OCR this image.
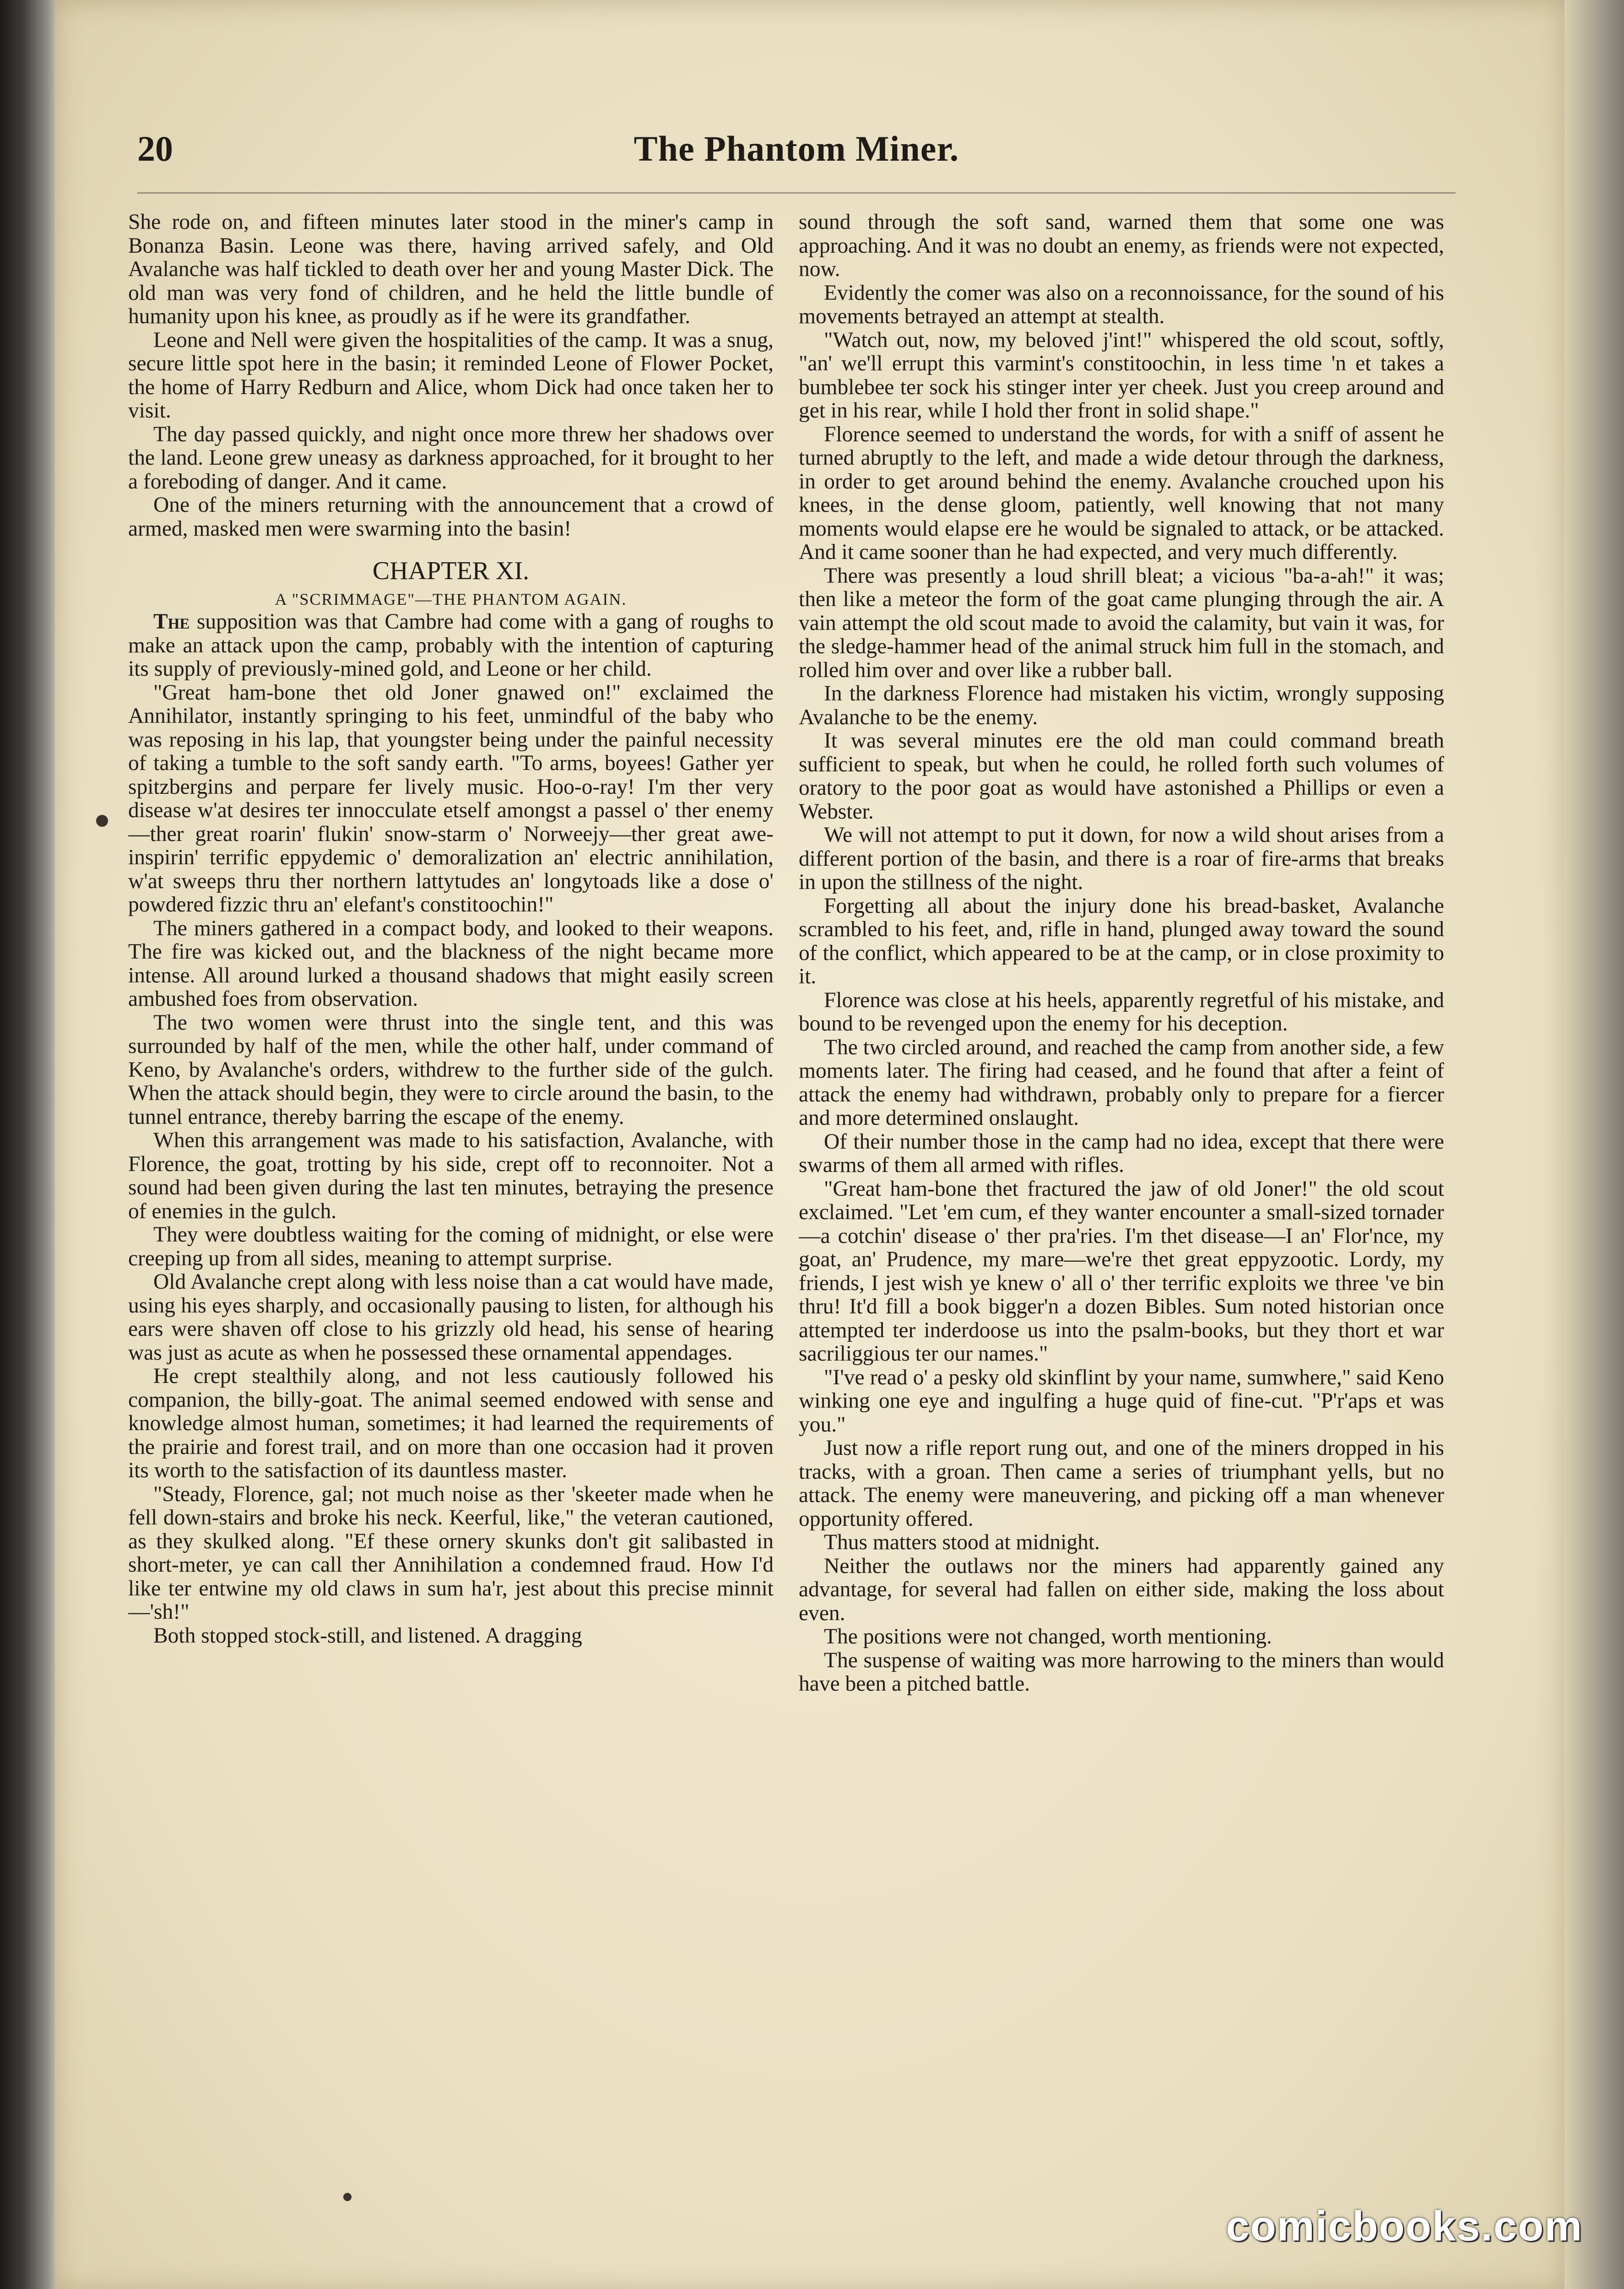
20	The Phantom Miner.

She rode on, and fifteen minutes later stood in the miner's camp in Bonanza Basin. Leone was there, having arrived safely, and Old Avalanche was half tickled to death over her and young Master Dick. The old man was very fond of children, and he held the little bundle of humanity upon his knee, as proudly as if he were its grandfather.

Leone and Nell were given the hospitalities of the camp. It was a snug, secure little spot here in the basin; it reminded Leone of Flower Pocket, the home of Harry Redburn and Alice, whom Dick had once taken her to visit.

The day passed quickly, and night once more threw her shadows over the land. Leone grew uneasy as darkness approached, for it brought to her a foreboding of danger. And it came.

One of the miners returning with the announcement that a crowd of armed, masked men were swarming into the basin!

CHAPTER XI.
A "SCRIMMAGE"—THE PHANTOM AGAIN.

The supposition was that Cambre had come with a gang of roughs to make an attack upon the camp, probably with the intention of capturing its supply of previously-mined gold, and Leone or her child.

"Great ham-bone thet old Joner gnawed on!" exclaimed the Annihilator, instantly springing to his feet, unmindful of the baby who was reposing in his lap, that youngster being under the painful necessity of taking a tumble to the soft sandy earth. "To arms, boyees! Gather yer spitzbergins and perpare fer lively music. Hoo-o-ray! I'm ther very disease w'at desires ter innocculate etself amongst a passel o' ther enemy—ther great roarin' flukin' snow-starm o' Norweejy—ther great awe-inspirin' terrific eppydemic o' demoralization an' electric annihilation, w'at sweeps thru ther northern lattytudes an' longytoads like a dose o' powdered fizzic thru an' elefant's constitoochin!"

The miners gathered in a compact body, and looked to their weapons. The fire was kicked out, and the blackness of the night became more intense. All around lurked a thousand shadows that might easily screen ambushed foes from observation.

The two women were thrust into the single tent, and this was surrounded by half of the men, while the other half, under command of Keno, by Avalanche's orders, withdrew to the further side of the gulch. When the attack should begin, they were to circle around the basin, to the tunnel entrance, thereby barring the escape of the enemy.

When this arrangement was made to his satisfaction, Avalanche, with Florence, the goat, trotting by his side, crept off to reconnoiter. Not a sound had been given during the last ten minutes, betraying the presence of enemies in the gulch.

They were doubtless waiting for the coming of midnight, or else were creeping up from all sides, meaning to attempt surprise.

Old Avalanche crept along with less noise than a cat would have made, using his eyes sharply, and occasionally pausing to listen, for although his ears were shaven off close to his grizzly old head, his sense of hearing was just as acute as when he possessed these ornamental appendages.

He crept stealthily along, and not less cautiously followed his companion, the billy-goat. The animal seemed endowed with sense and knowledge almost human, sometimes; it had learned the requirements of the prairie and forest trail, and on more than one occasion had it proven its worth to the satisfaction of its dauntless master.

"Steady, Florence, gal; not much noise as ther 'skeeter made when he fell down-stairs and broke his neck. Keerful, like," the veteran cautioned, as they skulked along. "Ef these ornery skunks don't git salibasted in short-meter, ye can call ther Annihilation a condemned fraud. How I'd like ter entwine my old claws in sum ha'r, jest about this precise minnit—'sh!"

Both stopped stock-still, and listened. A dragging

sound through the soft sand, warned them that some one was approaching. And it was no doubt an enemy, as friends were not expected, now.

Evidently the comer was also on a reconnoissance, for the sound of his movements betrayed an attempt at stealth.

"Watch out, now, my beloved j'int!" whispered the old scout, softly, "an' we'll errupt this varmint's constitoochin, in less time 'n et takes a bumblebee ter sock his stinger inter yer cheek. Just you creep around and get in his rear, while I hold ther front in solid shape."

Florence seemed to understand the words, for with a sniff of assent he turned abruptly to the left, and made a wide detour through the darkness, in order to get around behind the enemy. Avalanche crouched upon his knees, in the dense gloom, patiently, well knowing that not many moments would elapse ere he would be signaled to attack, or be attacked. And it came sooner than he had expected, and very much differently.

There was presently a loud shrill bleat; a vicious "ba-a-ah!" it was; then like a meteor the form of the goat came plunging through the air. A vain attempt the old scout made to avoid the calamity, but vain it was, for the sledge-hammer head of the animal struck him full in the stomach, and rolled him over and over like a rubber ball.

In the darkness Florence had mistaken his victim, wrongly supposing Avalanche to be the enemy.

It was several minutes ere the old man could command breath sufficient to speak, but when he could, he rolled forth such volumes of oratory to the poor goat as would have astonished a Phillips or even a Webster.

We will not attempt to put it down, for now a wild shout arises from a different portion of the basin, and there is a roar of fire-arms that breaks in upon the stillness of the night.

Forgetting all about the injury done his bread-basket, Avalanche scrambled to his feet, and, rifle in hand, plunged away toward the sound of the conflict, which appeared to be at the camp, or in close proximity to it.

Florence was close at his heels, apparently regretful of his mistake, and bound to be revenged upon the enemy for his deception.

The two circled around, and reached the camp from another side, a few moments later. The firing had ceased, and he found that after a feint of attack the enemy had withdrawn, probably only to prepare for a fiercer and more determined onslaught.

Of their number those in the camp had no idea, except that there were swarms of them all armed with rifles.

"Great ham-bone thet fractured the jaw of old Joner!" the old scout exclaimed. "Let 'em cum, ef they wanter encounter a small-sized tornader—a cotchin' disease o' ther pra'ries. I'm thet disease—I an' Flor'nce, my goat, an' Prudence, my mare—we're thet great eppyzootic. Lordy, my friends, I jest wish ye knew o' all o' ther terrific exploits we three 've bin thru! It'd fill a book bigger'n a dozen Bibles. Sum noted historian once attempted ter inderdoose us into the psalm-books, but they thort et war sacriliggious ter our names."

"I've read o' a pesky old skinflint by your name, sumwhere," said Keno winking one eye and ingulfing a huge quid of fine-cut. "P'r'aps et was you."

Just now a rifle report rung out, and one of the miners dropped in his tracks, with a groan. Then came a series of triumphant yells, but no attack. The enemy were maneuvering, and picking off a man whenever opportunity offered.

Thus matters stood at midnight.

Neither the outlaws nor the miners had apparently gained any advantage, for several had fallen on either side, making the loss about even.

The positions were not changed, worth mentioning.

The suspense of waiting was more harrowing to the miners than would have been a pitched battle.

comicbooks.com
